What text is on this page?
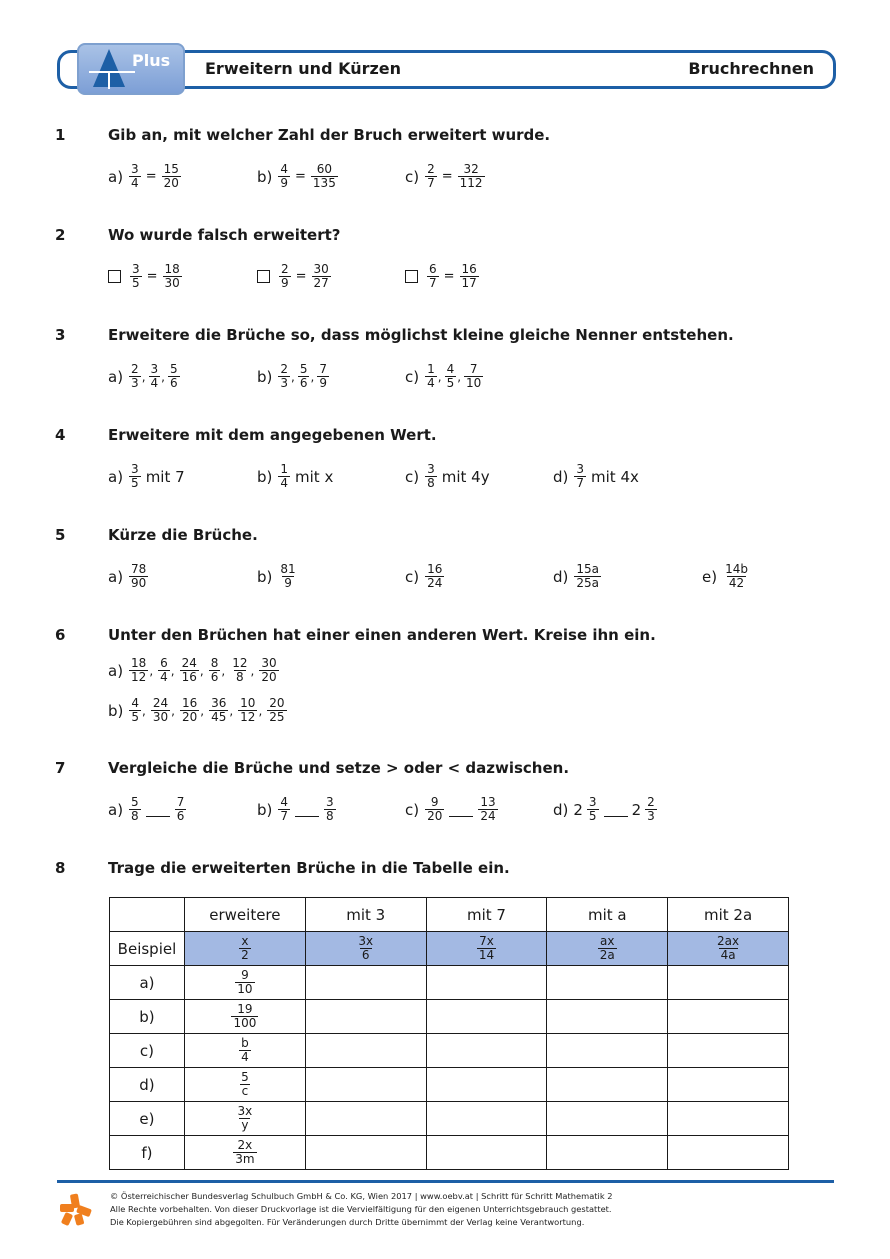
Plus Erweitern und Kürzen	Bruchrechnen
1	Gib an, mit welcher Zahl der Bruch erweitert wurde.
$a) \frac{3}{4} = \frac{15}{20}$	$b) \frac{4}{9} = \frac{60}{135}$	$c) \frac{2}{7} = \frac{32}{112}$
2	Wo wurde falsch erweitert?
$\frac{3}{5} = \frac{18}{30}$	$\frac{2}{9} = \frac{30}{27}$	$\frac{6}{7} = \frac{16}{17}$
3	Erweitere die Brüche so, dass möglichst kleine gleiche Nenner entstehen.
$a) \frac{2}{3}$ , $\frac{3}{4}$ , $\frac{5}{6}$	$b) \frac{2}{3}$ , $\frac{5}{6}$ , $\frac{7}{9}$	$c) \frac{1}{4}$ , $\frac{4}{5}$ , $\frac{7}{10}$
4	Erweitere mit dem angegebenen Wert.
$a) \frac{3}{5}$ mit 7	$b) \frac{1}{4}$ mit x	$c) \frac{3}{8}$ mit 4y	$d) \frac{3}{7}$ mit 4x
5	Kürze die Brüche.
$a) \frac{78}{90}$	$b) \frac{81}{9}$	$c) \frac{16}{24}$	$d) \frac{15a}{25a}$	$e) \frac{14b}{42}$
6	Unter den Brüchen hat einer einen anderen Wert. Kreise ihn ein.
$a) \frac{18}{12}$ , $\frac{6}{4}$ , $\frac{24}{16}$ , $\frac{8}{6}$ , $\frac{12}{8}$ , $\frac{30}{20}$
$b) \frac{4}{5}$ , $\frac{24}{30}$ , $\frac{16}{20}$ , $\frac{36}{45}$ , $\frac{10}{12}$ , $\frac{20}{25}$
7	Vergleiche die Brüche und setze > oder < dazwischen.
$a) \frac{5}{8}$	$\frac{7}{6}$	$b) \frac{4}{7}$	$\frac{3}{8}$	$c) \frac{9}{20}$	$\frac{13}{24}$	d) $2 \frac{3}{5} 2 \frac{2}{3}$
8	Trage die erweiterten Brüche in die Tabelle ein.
	erweitere	mit 3	mit 7	mit a	mit 2a
Beispiel	$\frac{x}{2}$	$\frac{3x}{6}$	$\frac{7x}{14}$	$\frac{ax}{2a}$	$\frac{2ax}{4a}$

a)	$\frac{9}{10}$

b)	$\frac{19}{100}$

c)	$\frac{b}{4}$

d)	$\frac{5}{c}$

e)	$\frac{3x}{y}$

f)	$\frac{2x}{3m}$

© Österreichischer Bundesverlag Schulbuch GmbH & Co. KG, Wien 2017 | www.oebv.at | Schritt für Schritt Mathematik 2
Alle Rechte vorbehalten. Von dieser Druckvorlage ist die Vervielfältigung für den eigenen Unterrichtsgebrauch gestattet.
Die Kopiergebühren sind abgegolten. Für Veränderungen durch Dritte übernimmt der Verlag keine Verantwortung.
